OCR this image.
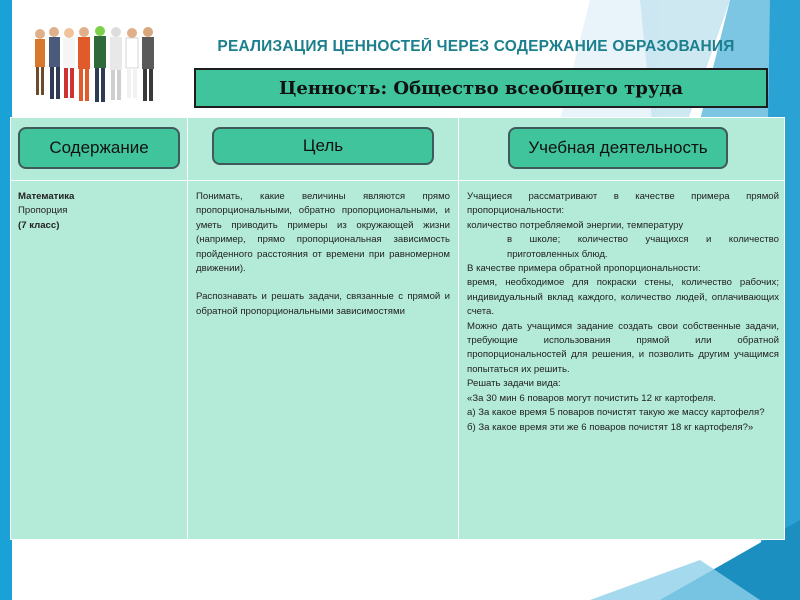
РЕАЛИЗАЦИЯ ЦЕННОСТЕЙ ЧЕРЕЗ СОДЕРЖАНИЕ ОБРАЗОВАНИЯ
Ценность: Общество всеобщего труда
Содержание
Математика
Пропорция
(7 класс)
Цель
Понимать, какие величины являются прямо пропорциональными, обратно пропорциональными, и уметь приводить примеры из окружающей жизни (например, прямо пропорциональная зависимость пройденного расстояния от времени при равномерном движении).
Распознавать и решать задачи, связанные с прямой и обратной пропорциональными зависимостями
Учебная деятельность
Учащиеся рассматривают в качестве примера прямой пропорциональности:
количество потребляемой энергии, температуру
в школе; количество учащихся и количество приготовленных блюд.
В качестве примера обратной пропорциональности:
время, необходимое для покраски стены, количество рабочих; индивидуальный вклад каждого, количество людей, оплачивающих счета.
Можно дать учащимся задание создать свои собственные задачи, требующие использования прямой или обратной пропорциональностей для решения, и позволить другим учащимся попытаться их решить.
Решать задачи вида:
«За 30 мин 6 поваров могут почистить 12 кг картофеля.
а) За какое время 5 поваров почистят такую же массу картофеля?
б) За какое время эти же 6 поваров почистят 18 кг картофеля?»
